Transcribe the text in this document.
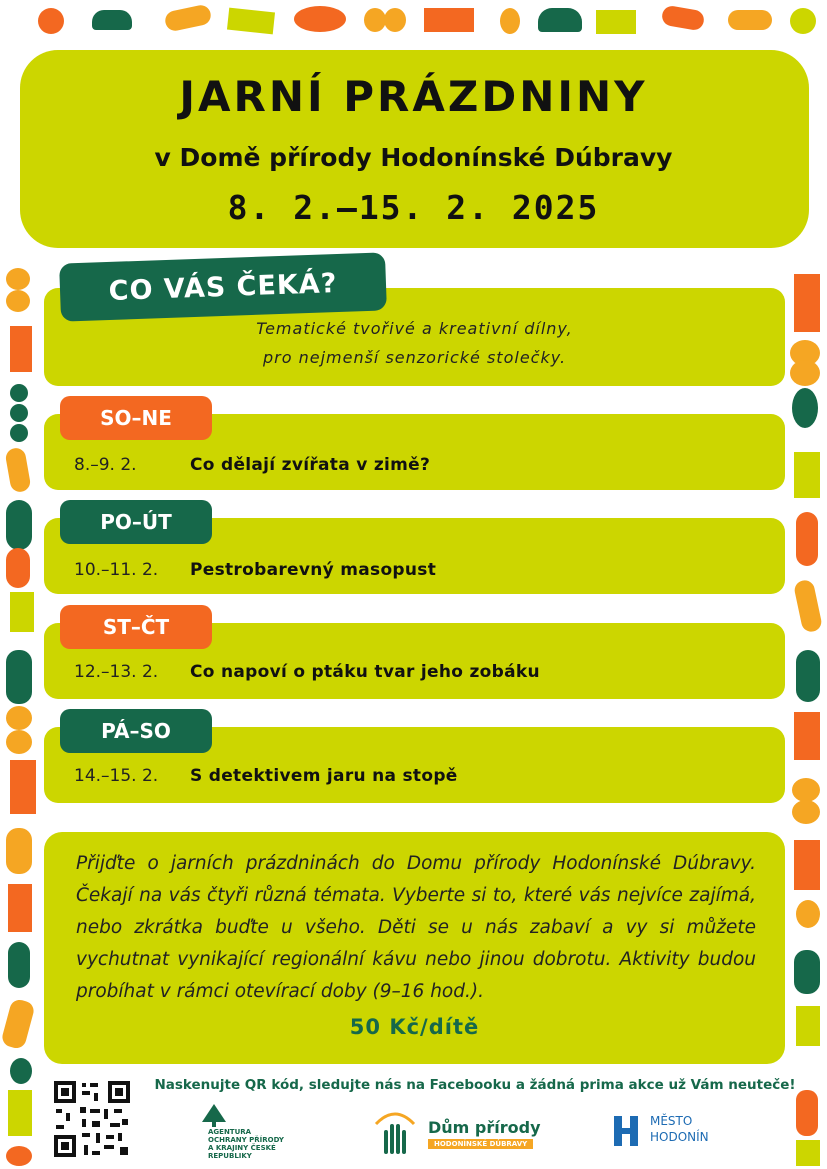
JARNÍ PRÁZDNINY
v Domě přírody Hodonínské Dúbravy
8. 2.–15. 2. 2025
CO VÁS ČEKÁ?
Tematické tvořivé a kreativní dílny,
pro nejmenší senzorické stolečky.
SO–NE
8.–9. 2.	Co dělají zvířata v zimě?
PO–ÚT
10.–11. 2. Pestrobarevný masopust
ST–ČT
12.–13. 2. Co napoví o ptáku tvar jeho zobáku
PÁ–SO
14.–15. 2. S detektivem jaru na stopě
Přijďte o jarních prázdninách do Domu přírody Hodonínské Dúbravy. Čekají na vás čtyři různá témata. Vyberte si to, které vás nejvíce zajímá, nebo zkrátka buďte u všeho. Děti se u nás zabaví a vy si můžete vychutnat vynikající regionální kávu nebo jinou dobrotu. Aktivity budou probíhat v rámci otevírací doby (9–16 hod.).
50 Kč/dítě
Naskenujte QR kód, sledujte nás na Facebooku a žádná prima akce už Vám neuteče!
AGENTURA OCHRANY PŘÍRODY A KRAJINY ČESKÉ REPUBLIKY
Dům přírody
HODONÍNSKÉ DÚBRAVY
MĚSTO
HODONÍN
